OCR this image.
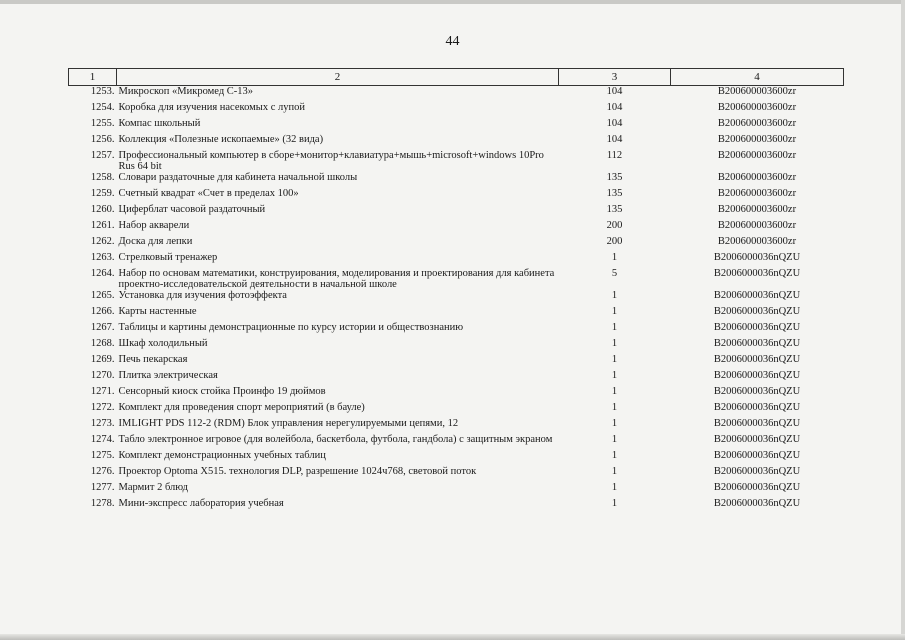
44
1	2	3	4
1253.	Микроскоп «Микромед С-13»	104	B200600003600zr
1254.	Коробка для изучения насекомых с лупой	104	B200600003600zr
1255.	Компас школьный	104	B200600003600zr
1256.	Коллекция «Полезные ископаемые» (32 вида)	104	B200600003600zr
1257.	Профессиональный компьютер в сборе+монитор+клавиатура+мышь+microsoft+windows 10Pro Rus 64 bit	112	B200600003600zr
1258.	Словари раздаточные для кабинета начальной школы	135	B200600003600zr
1259.	Счетный квадрат «Счет в пределах 100»	135	B200600003600zr
1260.	Циферблат часовой раздаточный	135	B200600003600zr
1261.	Набор акварели	200	B200600003600zr
1262.	Доска для лепки	200	B200600003600zr
1263.	Стрелковый тренажер	1	B2006000036nQZU
1264.	Набор по основам математики, конструирования, моделирования и проектирования для кабинета проектно-исследовательской деятельности в начальной школе	5	B2006000036nQZU
1265.	Установка для изучения фотоэффекта	1	B2006000036nQZU
1266.	Карты настенные	1	B2006000036nQZU
1267.	Таблицы и картины демонстрационные по курсу истории и обществознанию	1	B2006000036nQZU
1268.	Шкаф холодильный	1	B2006000036nQZU
1269.	Печь пекарская	1	B2006000036nQZU
1270.	Плитка электрическая	1	B2006000036nQZU
1271.	Сенсорный киоск стойка Проинфо 19 дюймов	1	B2006000036nQZU
1272.	Комплект для проведения спорт мероприятий (в бауле)	1	B2006000036nQZU
1273.	IMLIGHT PDS 112-2 (RDM) Блок управления нерегулируемыми цепями, 12	1	B2006000036nQZU
1274.	Табло электронное игровое (для волейбола, баскетбола, футбола, гандбола) с защитным экраном	1	B2006000036nQZU
1275.	Комплект демонстрационных учебных таблиц	1	B2006000036nQZU
1276.	Проектор Optoma X515. технология DLP, разрешение 1024ч768, световой поток	1	B2006000036nQZU
1277.	Мармит 2 блюд	1	B2006000036nQZU
1278.	Мини-экспресс лаборатория учебная	1	B2006000036nQZU
